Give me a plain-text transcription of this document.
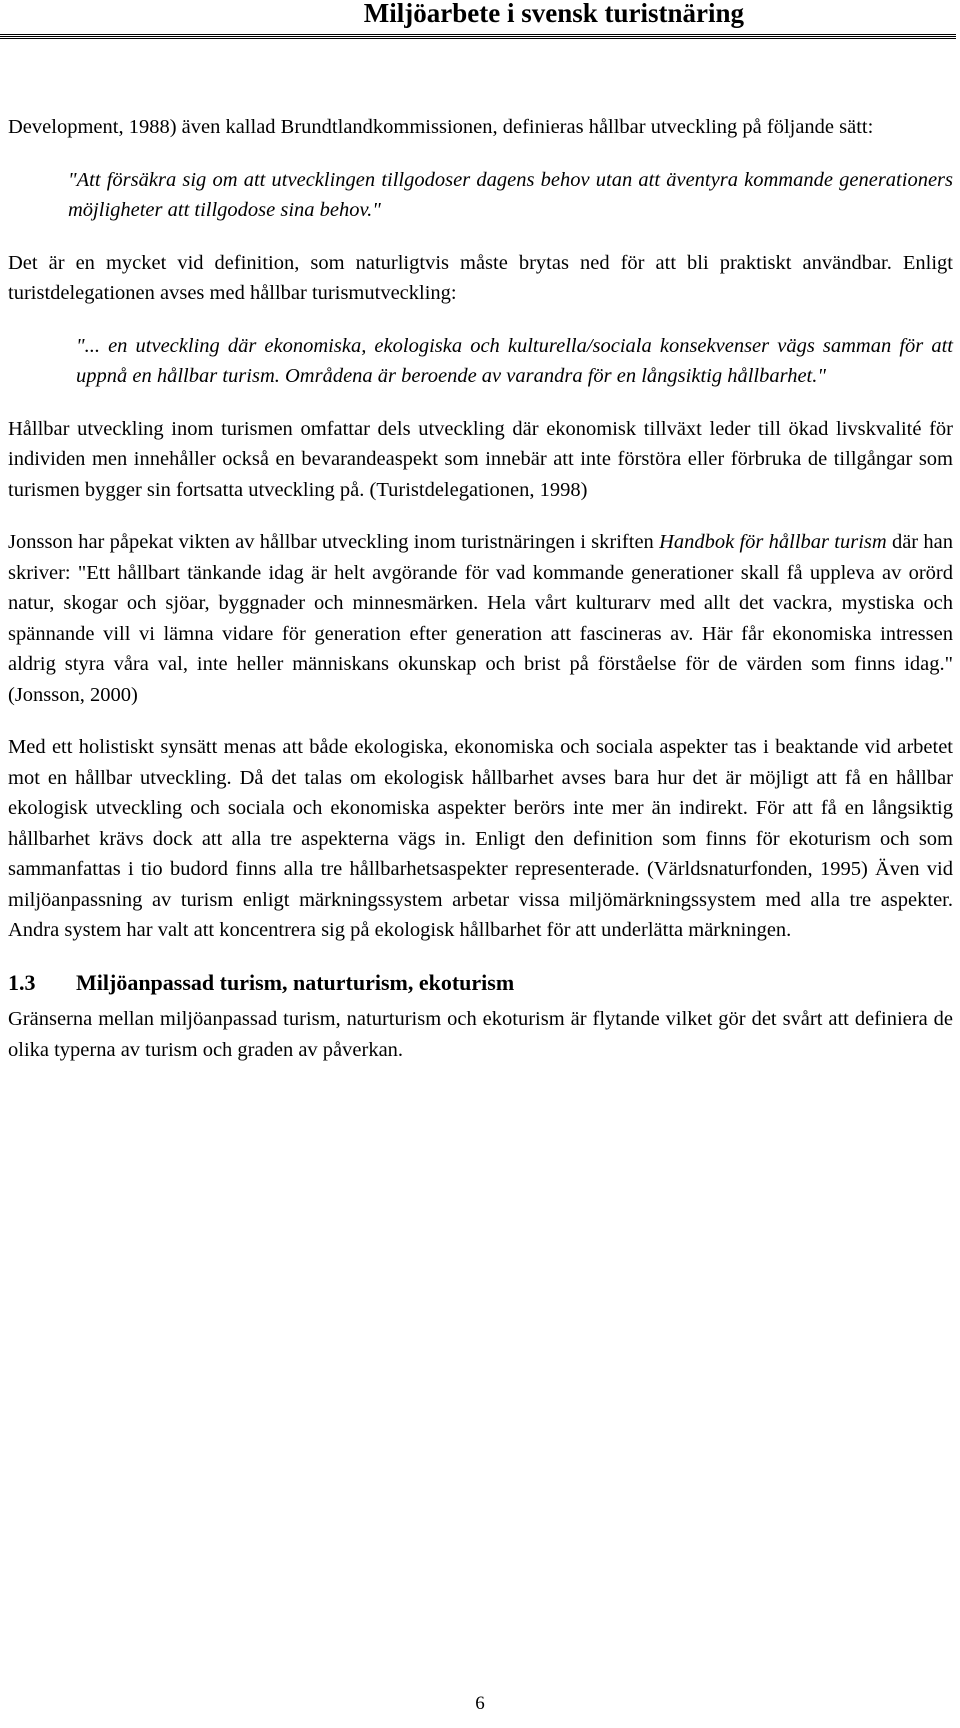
Miljöarbete i svensk turistnäring

Development, 1988) även kallad Brundtlandkommissionen, definieras hållbar utveckling på följande sätt:

"Att försäkra sig om att utvecklingen tillgodoser dagens behov utan att äventyra kommande generationers möjligheter att tillgodose sina behov."

Det är en mycket vid definition, som naturligtvis måste brytas ned för att bli praktiskt användbar. Enligt turistdelegationen avses med hållbar turismutveckling:

"... en utveckling där ekonomiska, ekologiska och kulturella/sociala konsekvenser vägs samman för att uppnå en hållbar turism. Områdena är beroende av varandra för en långsiktig hållbarhet."

Hållbar utveckling inom turismen omfattar dels utveckling där ekonomisk tillväxt leder till ökad livskvalité för individen men innehåller också en bevarandeaspekt som innebär att inte förstöra eller förbruka de tillgångar som turismen bygger sin fortsatta utveckling på. (Turistdelegationen, 1998)

Jonsson har påpekat vikten av hållbar utveckling inom turistnäringen i skriften Handbok för hållbar turism där han skriver: "Ett hållbart tänkande idag är helt avgörande för vad kommande generationer skall få uppleva av orörd natur, skogar och sjöar, byggnader och minnesmärken. Hela vårt kulturarv med allt det vackra, mystiska och spännande vill vi lämna vidare för generation efter generation att fascineras av. Här får ekonomiska intressen aldrig styra våra val, inte heller människans okunskap och brist på förståelse för de värden som finns idag." (Jonsson, 2000)

Med ett holistiskt synsätt menas att både ekologiska, ekonomiska och sociala aspekter tas i beaktande vid arbetet mot en hållbar utveckling. Då det talas om ekologisk hållbarhet avses bara hur det är möjligt att få en hållbar ekologisk utveckling och sociala och ekonomiska aspekter berörs inte mer än indirekt. För att få en långsiktig hållbarhet krävs dock att alla tre aspekterna vägs in. Enligt den definition som finns för ekoturism och som sammanfattas i tio budord finns alla tre hållbarhetsaspekter representerade. (Världsnaturfonden, 1995) Även vid miljöanpassning av turism enligt märkningssystem arbetar vissa miljömärkningssystem med alla tre aspekter. Andra system har valt att koncentrera sig på ekologisk hållbarhet för att underlätta märkningen.

1.3 Miljöanpassad turism, naturturism, ekoturism

Gränserna mellan miljöanpassad turism, naturturism och ekoturism är flytande vilket gör det svårt att definiera de olika typerna av turism och graden av påverkan.

6
